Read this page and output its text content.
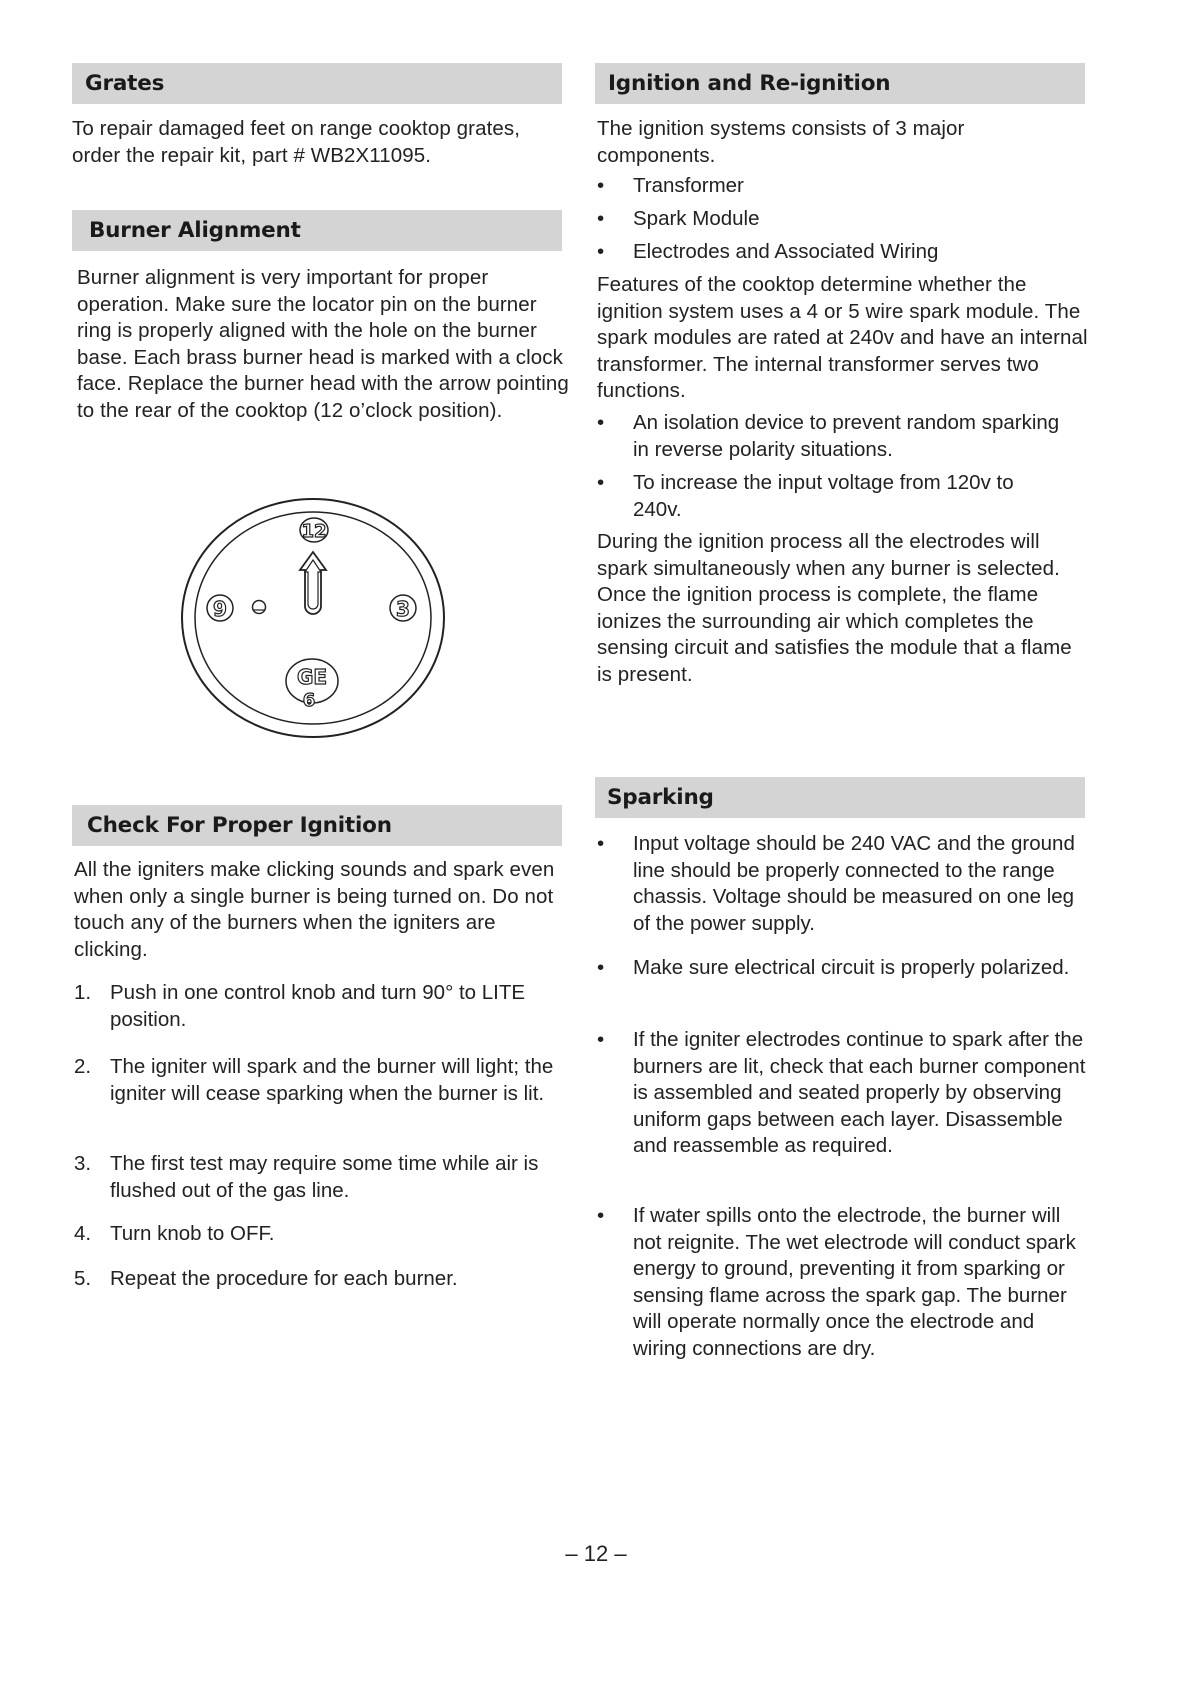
Grates

To repair damaged feet on range cooktop grates, order the repair kit, part # WB2X11095.

Burner Alignment

Burner alignment is very important for proper operation. Make sure the locator pin on the burner ring is properly aligned with the hole on the burner base. Each brass burner head is marked with a clock face. Replace the burner head with the arrow pointing to the rear of the cooktop (12 o’clock position).

12
9	3
GE
6
Check For Proper Ignition

All the igniters make clicking sounds and spark even when only a single burner is being turned on. Do not touch any of the burners when the igniters are clicking.

1. Push in one control knob and turn 90° to LITE position.
2. The igniter will spark and the burner will light; the igniter will cease sparking when the burner is lit.
3. The first test may require some time while air is flushed out of the gas line.
4. Turn knob to OFF.
5. Repeat the procedure for each burner.
Ignition and Re-ignition

The ignition systems consists of 3 major components.

•	Transformer
•	Spark Module
•	Electrodes and Associated Wiring

Features of the cooktop determine whether the ignition system uses a 4 or 5 wire spark module. The spark modules are rated at 240v and have an internal transformer. The internal transformer serves two functions.

•	An isolation device to prevent random sparking in reverse polarity situations.
•	To increase the input voltage from 120v to 240v.

During the ignition process all the electrodes will spark simultaneously when any burner is selected. Once the ignition process is complete, the flame ionizes the surrounding air which completes the sensing circuit and satisfies the module that a flame is present.

Sparking
•	Input voltage should be 240 VAC and the ground line should be properly connected to the range chassis. Voltage should be measured on one leg of the power supply.
•	Make sure electrical circuit is properly polarized.
•	If the igniter electrodes continue to spark after the burners are lit, check that each burner component is assembled and seated properly by observing uniform gaps between each layer. Disassemble and reassemble as required.
•	If water spills onto the electrode, the burner will not reignite. The wet electrode will conduct spark energy to ground, preventing it from sparking or sensing flame across the spark gap. The burner will operate normally once the electrode and wiring connections are dry.
– 12 –
